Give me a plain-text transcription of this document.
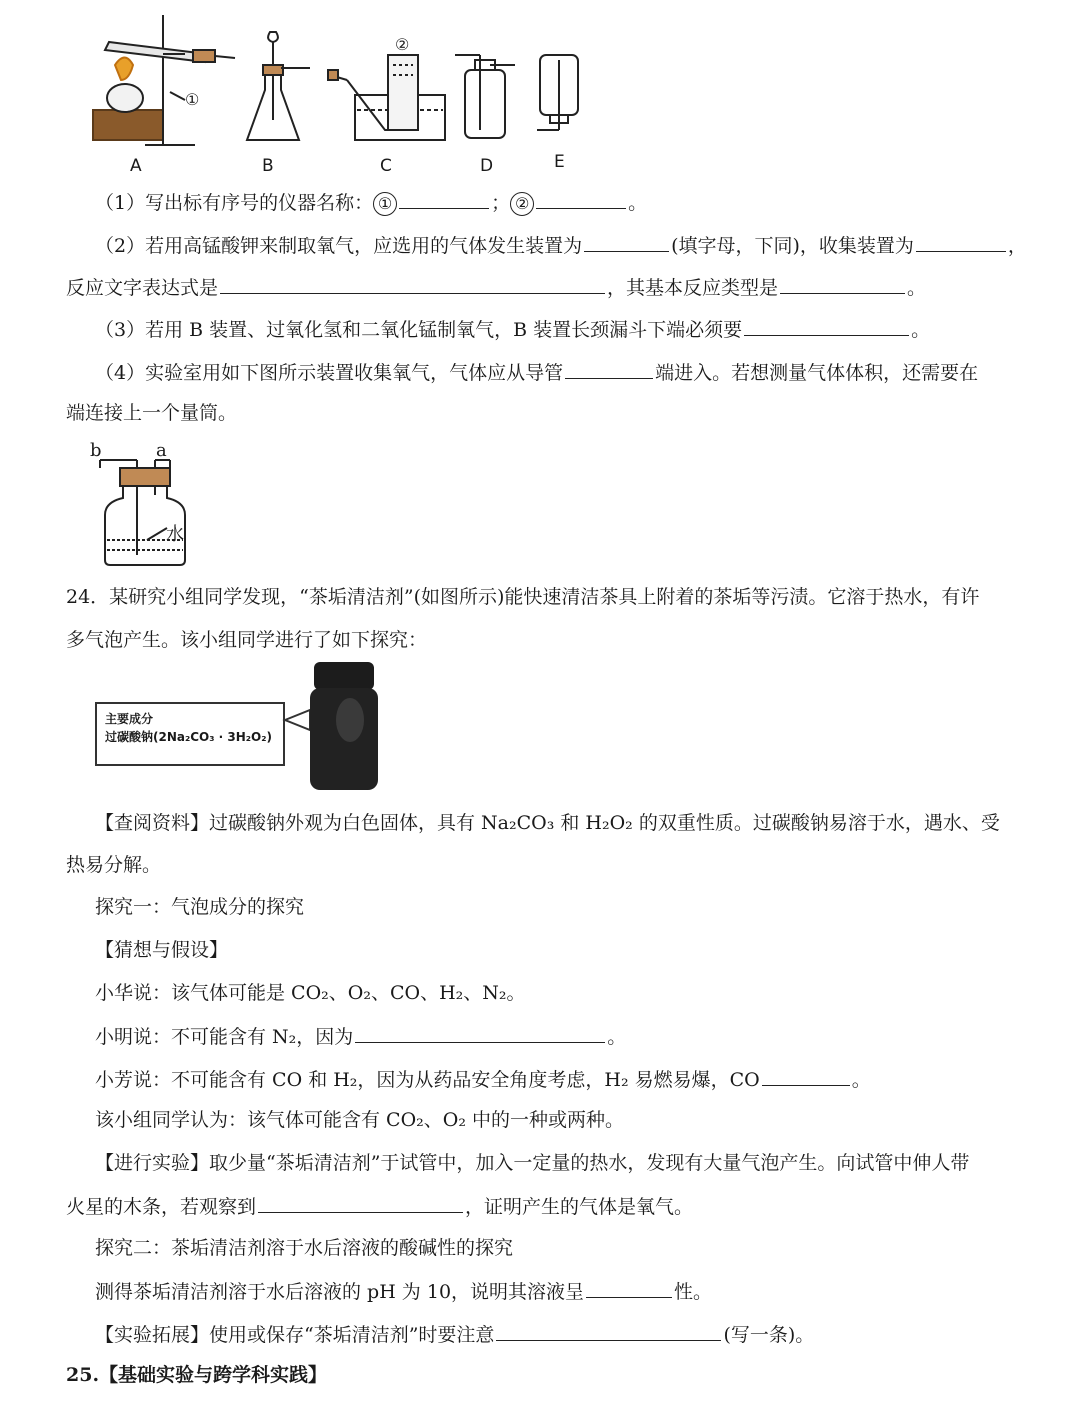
①
②
A	B	C	D	E
（1）写出标有序号的仪器名称： ①	； ②	。
（2）若用高锰酸钾来制取氧气，应选用的气体发生装置为	(填字母，下同)，收集装置为	，
反应文字表达式是	，其基本反应类型是	。
（3）若用 B 装置、过氧化氢和二氧化锰制氧气，B 装置长颈漏斗下端必须要	。
（4）实验室用如下图所示装置收集氧气，气体应从导管	端进入。若想测量气体体积，还需要在
端连接上一个量筒。
b	a
水
24．某研究小组同学发现，“茶垢清洁剂”(如图所示)能快速清洁茶具上附着的茶垢等污渍。它溶于热水，有许
多气泡产生。该小组同学进行了如下探究：
主要成分
过碳酸钠(2Na₂CO₃ · 3H₂O₂)
【查阅资料】过碳酸钠外观为白色固体，具有 Na₂CO₃ 和 H₂O₂ 的双重性质。过碳酸钠易溶于水，遇水、受
热易分解。
探究一：气泡成分的探究
【猜想与假设】
小华说：该气体可能是 CO₂、O₂、CO、H₂、N₂。
小明说：不可能含有 N₂，因为	。
小芳说：不可能含有 CO 和 H₂，因为从药品安全角度考虑，H₂ 易燃易爆，CO	。
该小组同学认为：该气体可能含有 CO₂、O₂ 中的一种或两种。
【进行实验】取少量“茶垢清洁剂”于试管中，加入一定量的热水，发现有大量气泡产生。向试管中伸人带
火星的木条，若观察到	，证明产生的气体是氧气。
探究二：茶垢清洁剂溶于水后溶液的酸碱性的探究
测得茶垢清洁剂溶于水后溶液的 pH 为 10，说明其溶液呈	性。
【实验拓展】使用或保存“茶垢清洁剂”时要注意	(写一条)。
25.【基础实验与跨学科实践】
